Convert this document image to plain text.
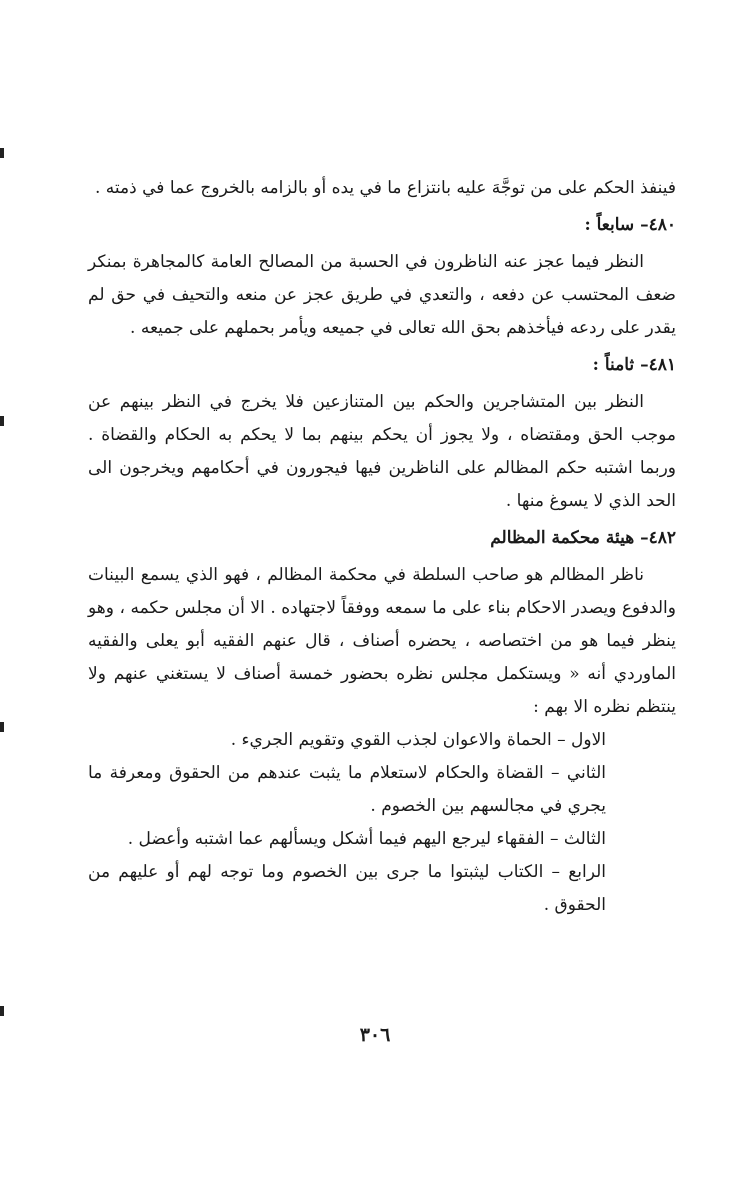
فينفذ الحكم على من توجَّهَ عليه بانتزاع ما في يده أو بالزامه بالخروج عما في ذمته .

٤٨٠– سابعاً :

النظر فيما عجز عنه الناظرون في الحسبة من المصالح العامة كالمجاهرة بمنكر ضعف المحتسب عن دفعه ، والتعدي في طريق عجز عن منعه والتحيف في حق لم يقدر على ردعه فيأخذهم بحق الله تعالى في جميعه ويأمر بحملهم على جميعه .

٤٨١– ثامناً :

النظر بين المتشاجرين والحكم بين المتنازعين فلا يخرج في النظر بينهم عن موجب الحق ومقتضاه ، ولا يجوز أن يحكم بينهم بما لا يحكم به الحكام والقضاة . وربما اشتبه حكم المظالم على الناظرين فيها فيجورون في أحكامهم ويخرجون الى الحد الذي لا يسوغ منها .

٤٨٢– هيئة محكمة المظالم

ناظر المظالم هو صاحب السلطة في محكمة المظالم ، فهو الذي يسمع البينات والدفوع ويصدر الاحكام بناء على ما سمعه ووفقاً لاجتهاده . الا أن مجلس حكمه ، وهو ينظر فيما هو من اختصاصه ، يحضره أصناف ، قال عنهم الفقيه أبو يعلى والفقيه الماوردي أنه « ويستكمل مجلس نظره بحضور خمسة أصناف لا يستغني عنهم ولا ينتظم نظره الا بهم :

الاول – الحماة والاعوان لجذب القوي وتقويم الجريء .
الثاني – القضاة والحكام لاستعلام ما يثبت عندهم من الحقوق ومعرفة ما يجري في مجالسهم بين الخصوم .
الثالث – الفقهاء ليرجع اليهم فيما أشكل ويسألهم عما اشتبه وأعضل .
الرابع – الكتاب ليثبتوا ما جرى بين الخصوم وما توجه لهم أو عليهم من الحقوق .
٣٠٦
